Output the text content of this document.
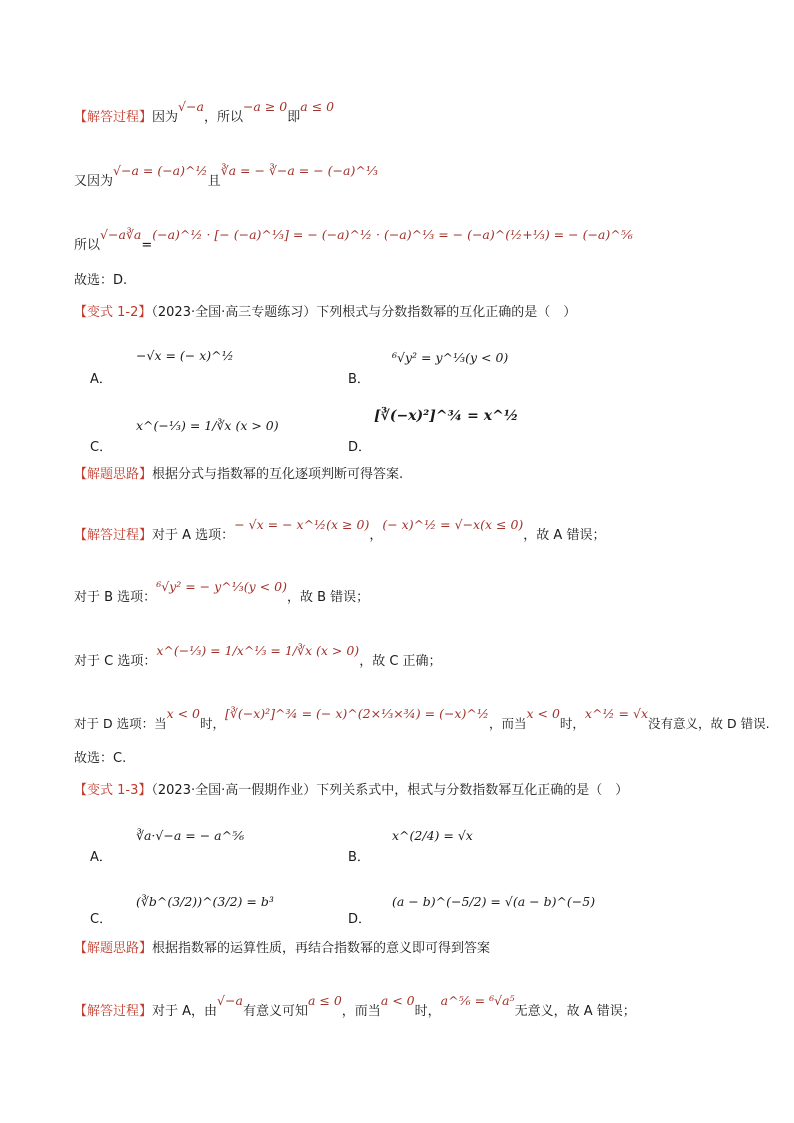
【解答过程】因为√−a，所以−a ≥ 0即a ≤ 0
又因为√−a = (−a)^½且∛a = − ∛−a = − (−a)^⅓
所以√−a∛a=(−a)^½ · [− (−a)^⅓] = − (−a)^½ · (−a)^⅓ = − (−a)^(½+⅓) = − (−a)^⅚
故选：D.
【变式 1-2】（2023·全国·高三专题练习）下列根式与分数指数幂的互化正确的是（　）
A．
−√x = (− x)^½
B．
⁶√y² = y^⅓(y < 0)
C．
x^(−⅓) = 1/∛x (x > 0)
D．
[∛(−x)²]^¾ = x^½
【解题思路】根据分式与指数幂的互化逐项判断可得答案.
【解答过程】对于 A 选项：− √x = − x^½(x ≥ 0)，(− x)^½ = √−x(x ≤ 0)，故 A 错误；
对于 B 选项：⁶√y² = − y^⅓(y < 0)，故 B 错误；
对于 C 选项：x^(−⅓) = 1/x^⅓ = 1/∛x (x > 0)，故 C 正确；
对于 D 选项：当x < 0时，[∛(−x)²]^¾ = (− x)^(2×⅓×¾) = (−x)^½，而当x < 0时，x^½ = √x没有意义，故 D 错误.
故选：C.
【变式 1-3】（2023·全国·高一假期作业）下列关系式中，根式与分数指数幂互化正确的是（　）
A．
∛a·√−a = − a^⅚
B．
x^(2/4) = √x
C．
(∛b^(3/2))^(3/2) = b³
D．
(a − b)^(−5/2) = √(a − b)^(−5)
【解题思路】根据指数幂的运算性质，再结合指数幂的意义即可得到答案
【解答过程】对于 A，由√−a有意义可知a ≤ 0，而当a < 0时，a^⅚ = ⁶√a⁵无意义，故 A 错误；
